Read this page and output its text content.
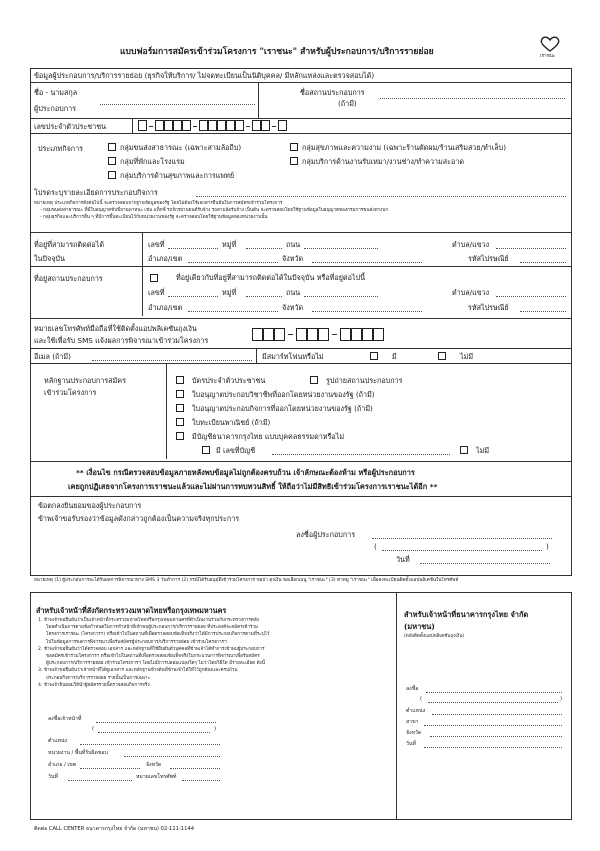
เราชนะ
แบบฟอร์มการสมัครเข้าร่วมโครงการ "เราชนะ" สำหรับผู้ประกอบการ/บริการรายย่อย
ข้อมูลผู้ประกอบการ/บริการรายย่อย (ธุรกิจให้บริการ/ ไม่จดทะเบียนเป็นนิติบุคคล/ มีหลักแหล่งและตรวจสอบได้)
ชื่อ - นามสกุล
ผู้ประกอบการ
ชื่อสถานประกอบการ
(ถ้ามี)
เลขประจำตัวประชาชน
ประเภทกิจการ	กลุ่มขนส่งสาธารณะ (เฉพาะสามล้อถีบ)	กลุ่มสุขภาพและความงาม (เฉพาะร้านตัดผม/ร้านเสริมสวย/ทำเล็บ)
กลุ่มที่พักและโรงแรม	กลุ่มบริการด้านงานรับเหมา/งานช่าง/ทำความสะอาด
กลุ่มบริการด้านสุขภาพและการแพทย์
โปรดระบุรายละเอียดการประกอบกิจการ
หมายเหตุ ประเภทกิจการดังต่อไปนี้ จะตรวจสอบจากฐานข้อมูลของรัฐ โดยไม่ต้องใช้เอกสารยืนยันในการสมัครเข้าร่วมโครงการ
- กลุ่มขนส่งสาธารณะ ที่มีใบอนุญาตขับขี่ยานพาหนะ เช่น แท็กซี่ รถจักรยานยนต์รับจ้าง รถสามล้อรับจ้าง เป็นต้น จะตรวจสอบโดยใช้ฐานข้อมูลใบอนุญาตของกรมการขนส่งทางบก
- กลุ่มธุรกิจและบริการอื่น ๆ ที่มีการขึ้นทะเบียนไว้กับหน่วยงานของรัฐ จะตรวจสอบโดยใช้ฐานข้อมูลของหน่วยงานนั้น
ที่อยู่ที่สามารถติดต่อได้
ในปัจจุบัน
เลขที่	หมู่ที่	ถนน	ตำบล/แขวง
อำเภอ/เขต	จังหวัด	รหัสไปรษณีย์
ที่อยู่สถานประกอบการ	ที่อยู่เดียวกับที่อยู่ที่สามารถติดต่อได้ในปัจจุบัน หรือที่อยู่ต่อไปนี้
เลขที่	หมู่ที่	ถนน	ตำบล/แขวง
อำเภอ/เขต	จังหวัด	รหัสไปรษณีย์
หมายเลขโทรศัพท์มือถือที่ใช้ติดตั้งแอปพลิเคชันถุงเงิน
และใช้เพื่อรับ SMS แจ้งผลการพิจารณาเข้าร่วมโครงการ
อีเมล (ถ้ามี)	มีสมาร์ทโฟนหรือไม่	มี	ไม่มี
หลักฐานประกอบการสมัคร
เข้าร่วมโครงการ
บัตรประจำตัวประชาชน	รูปถ่ายสถานประกอบการ
ใบอนุญาตประกอบวิชาชีพที่ออกโดยหน่วยงานของรัฐ (ถ้ามี)
ใบอนุญาตประกอบกิจการที่ออกโดยหน่วยงานของรัฐ (ถ้ามี)
ใบทะเบียนพาณิชย์ (ถ้ามี)
มีบัญชีธนาคารกรุงไทย แบบบุคคลธรรมดาหรือไม่
มี เลขที่บัญชี	ไม่มี
** เงื่อนไข กรณีตรวจสอบข้อมูลภายหลังพบข้อมูลไม่ถูกต้องครบถ้วน เจ้าลักษณะต้องห้าม หรือผู้ประกอบการ
เคยถูกปฏิเสธจากโครงการเราชนะแล้วและไม่ผ่านการทบทวนสิทธิ์ ให้ถือว่าไม่มีสิทธิเข้าร่วมโครงการเราชนะได้อีก **
ข้อตกลงยินยอมของผู้ประกอบการ
ข้าพเจ้าขอรับรองว่าข้อมูลดังกล่าวถูกต้องเป็นความจริงทุกประการ
ลงชื่อผู้ประกอบการ
(	)
วันที่
หมายเหตุ (1) ผู้ประกอบการจะได้รับผลการพิจารณาทาง SMS 3 วันทำการ (2) กรณีได้รับอนุมัติเข้าร่วมโครงการ ขอบ่า ดุงเงิน ขอเลือกเมนู "เราชนะ" (3) ค่าหมู "เราชนะ" เพื่อลงทะเบียนติดตั้งแอปพลิเคชันในโทรศัพท์
สำหรับเจ้าหน้าที่สังกัดกระทรวงมหาดไทยหรือกรุงเทพมหานคร
1. ข้าพเจ้าขอยืนยันว่าเป็นเจ้าหน้าที่กระทรวงมหาดไทยหรือกรุงเทพมหานครที่ดำเนินงานร่วมกับกระทรวงการคลัง
โดยดำเนินการตามข้อกำหนดในการทำหน้าที่เข้าพบผู้ประกอบการ/บริการรายย่อย ที่ประสงค์จะสมัครเข้าร่วม
โครงการเราชนะ (โครงการฯ) หรือเข้าไปในสถานที่เพื่อตรวจสอบข้อเท็จจริงว่าได้มีการประกอบกิจการตามที่ระบุไว้
ไปในข้อมูลการขอการพิจารณาเพื่อรับสมัครผู้ประกอบการ/บริการรายย่อย เข้าร่วมโครงการฯ
2. ข้าพเจ้าขอยืนยันว่าได้ตรวจสอบ เอกสาร และหลักฐานที่ใช้ยืนยันตัวบุคคลที่ข้าพเจ้าได้ทำการเข้าพบผู้ประกอบการ
ขอสมัครเข้าร่วมโครงการฯ หรือเข้าไปในสถานที่เพื่อตรวจสอบข้อเท็จจริงในกระบวนการพิจารณาเพื่อรับสมัคร
ผู้ประกอบการ/บริการรายย่อย เข้าร่วมโครงการฯ โดยไม่มีการปลอมแปลงใดๆ ไม่ว่าโดยวิธีใด มีรายละเอียด ดังนี้
3. ข้าพเจ้าขอยืนยันว่าเจ้าหน้าที่ได้ดูเอกสาร และหลักฐานข้างต้นที่ข้าพเจ้าได้ให้ไว้ถูกต้องและครบถ้วน
ประกอบกิจการ/บริการรายย่อย รายนั้นเป็นการเฉพาะ
4. ข้าพเจ้ายินยอมให้นำผู้สมัครรายนี้ตรวจสอบกิจการจริง
ลงชื่อเจ้าหน้าที่
(	)
ตำแหน่ง
หน่วยงาน / พื้นที่รับผิดชอบ
อำเภอ / เขต	จังหวัด
วันที่	หมายเลขโทรศัพท์
สำหรับเจ้าหน้าที่ธนาคารกรุงไทย จำกัด
(มหาชน)
(หลังติดตั้งแอปพลิเคชันถุงเงิน)
ลงชื่อ
(	)
ตำแหน่ง
สาขา
จังหวัด
วันที่
ติดต่อ CALL CENTER ธนาคารกรุงไทย จำกัด (มหาชน) 02-111-1144
